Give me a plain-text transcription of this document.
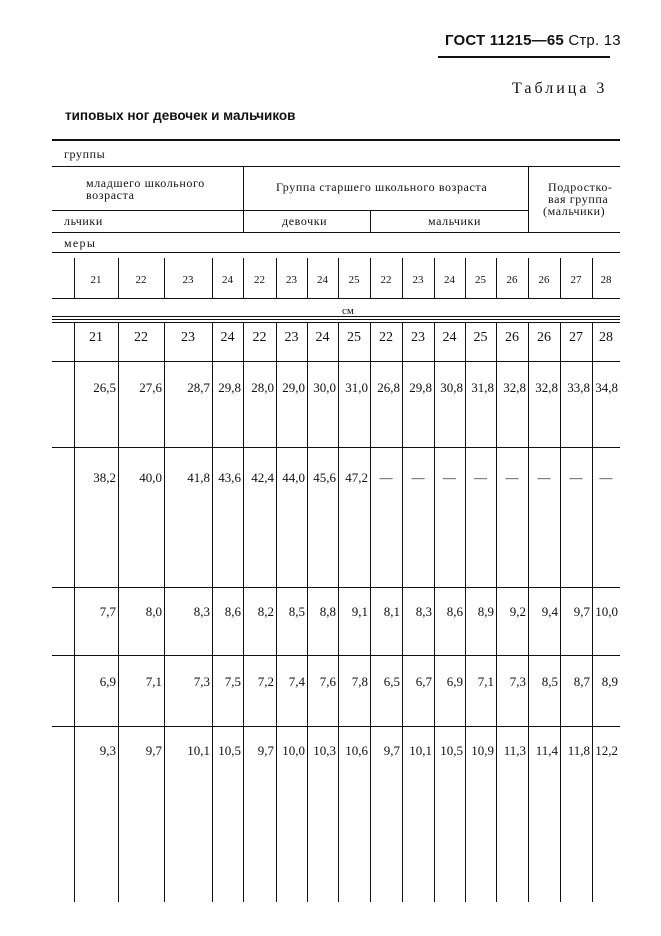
ГОСТ 11215—65 Стр. 13
Таблица 3
типовых ног девочек и мальчиков
группы
младшего школьного
возраста
Группа старшего школьного возраста	Подростко-
вая группа
(мальчики)
льчики	девочки	мальчики
меры
см
21	22	23	24	22	23	24	25	22	23	24	25	26	26	27	28
21	22	23	24	22	23	24	25	22	23	24	25	26	26	27	28
26,5	27,6	28,7 29,8 28,0 29,0 30,0 31,0 26,8 29,8 30,8 31,8 32,8 32,8 33,8 34,8
38,2	40,0	41,8 43,6 42,4 44,0 45,6 47,2 —	—	—	—	—	—	—	—
7,7	8,0	8,3	8,6	8,2	8,5	8,8	9,1	8,1	8,3	8,6	8,9	9,2	9,4	9,7 10,0
6,9	7,1	7,3	7,5	7,2	7,4	7,6	7,8	6,5	6,7	6,9	7,1	7,3	8,5	8,7 8,9
9,3	9,7	10,1 10,5	9,7 10,0 10,3 10,6	9,7 10,1 10,5 10,9 11,3 11,4 11,8 12,2
